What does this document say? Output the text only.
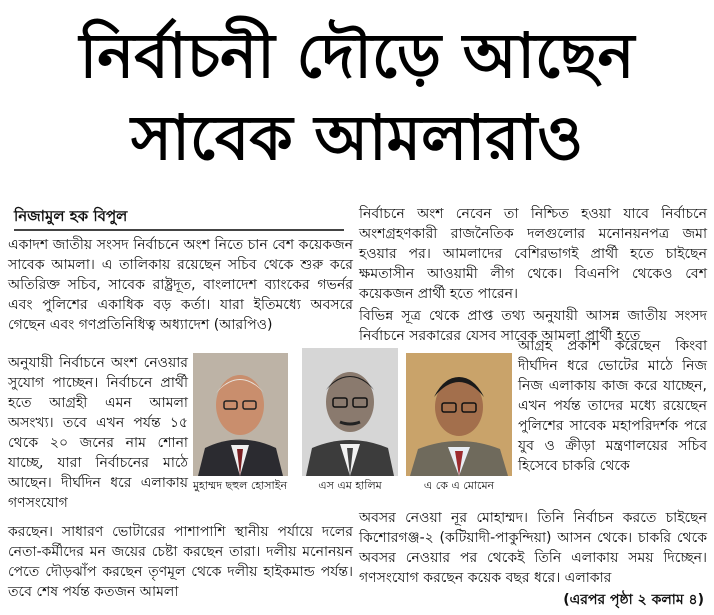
নির্বাচনী দৌড়ে আছেন
সাবেক আমলারাও
নিজামুল হক বিপুল

একাদশ জাতীয় সংসদ নির্বাচনে অংশ নিতে চান বেশ কয়েকজন সাবেক আমলা। এ তালিকায় রয়েছেন সচিব থেকে শুরু করে অতিরিক্ত সচিব, সাবেক রাষ্ট্রদূত, বাংলাদেশ ব্যাংকের গভর্নর এবং পুলিশের একাধিক বড় কর্তা। যারা ইতিমধ্যে অবসরে গেছেন এবং গণপ্রতিনিধিত্ব অধ্যাদেশ (আরপিও)

অনুযায়ী নির্বাচনে অংশ নেওয়ার সুযোগ পাচ্ছেন। নির্বাচনে প্রার্থী হতে আগ্রহী এমন আমলা অসংখ্য। তবে এখন পর্যন্ত ১৫ থেকে ২০ জনের নাম শোনা যাচ্ছে, যারা নির্বাচনের মাঠে আছেন। দীর্ঘদিন ধরে এলাকায় গণসংযোগ

করছেন। সাধারণ ভোটারের পাশাপাশি স্থানীয় পর্যায়ে দলের নেতা-কর্মীদের মন জয়ের চেষ্টা করছেন তারা। দলীয় মনোনয়ন পেতে দৌড়ঝাঁপ করছেন তৃণমূল থেকে দলীয় হাইকমান্ড পর্যন্ত। তবে শেষ পর্যন্ত কতজন আমলা

নির্বাচনে অংশ নেবেন তা নিশ্চিত হওয়া যাবে নির্বাচনে অংশগ্রহণকারী রাজনৈতিক দলগুলোর মনোনয়নপত্র জমা হওয়ার পর। আমলাদের বেশিরভাগই প্রার্থী হতে চাইছেন ক্ষমতাসীন আওয়ামী লীগ থেকে। বিএনপি থেকেও বেশ কয়েকজন প্রার্থী হতে পারেন।

বিভিন্ন সূত্র থেকে প্রাপ্ত তথ্য অনুযায়ী আসন্ন জাতীয় সংসদ নির্বাচনে সরকারের যেসব সাবেক আমলা প্রার্থী হতে

আগ্রহ প্রকাশ করেছেন কিংবা দীর্ঘদিন ধরে ভোটের মাঠে নিজ নিজ এলাকায় কাজ করে যাচ্ছেন, এখন পর্যন্ত তাদের মধ্যে রয়েছেন পুলিশের সাবেক মহাপরিদর্শক পরে যুব ও ক্রীড়া মন্ত্রণালয়ের সচিব হিসেবে চাকরি থেকে

অবসর নেওয়া নূর মোহাম্মদ। তিনি নির্বাচন করতে চাইছেন কিশোরগঞ্জ-২ (কটিয়াদী-পাকুন্দিয়া) আসন থেকে। চাকরি থেকে অবসর নেওয়ার পর থেকেই তিনি এলাকায় সময় দিচ্ছেন। গণসংযোগ করছেন কয়েক বছর ধরে। এলাকার

মুহাম্মদ ছহুল হোসাইন	এস এম হালিম	এ কে এ মোমেন
(এরপর পৃষ্ঠা ২ কলাম ৪)
